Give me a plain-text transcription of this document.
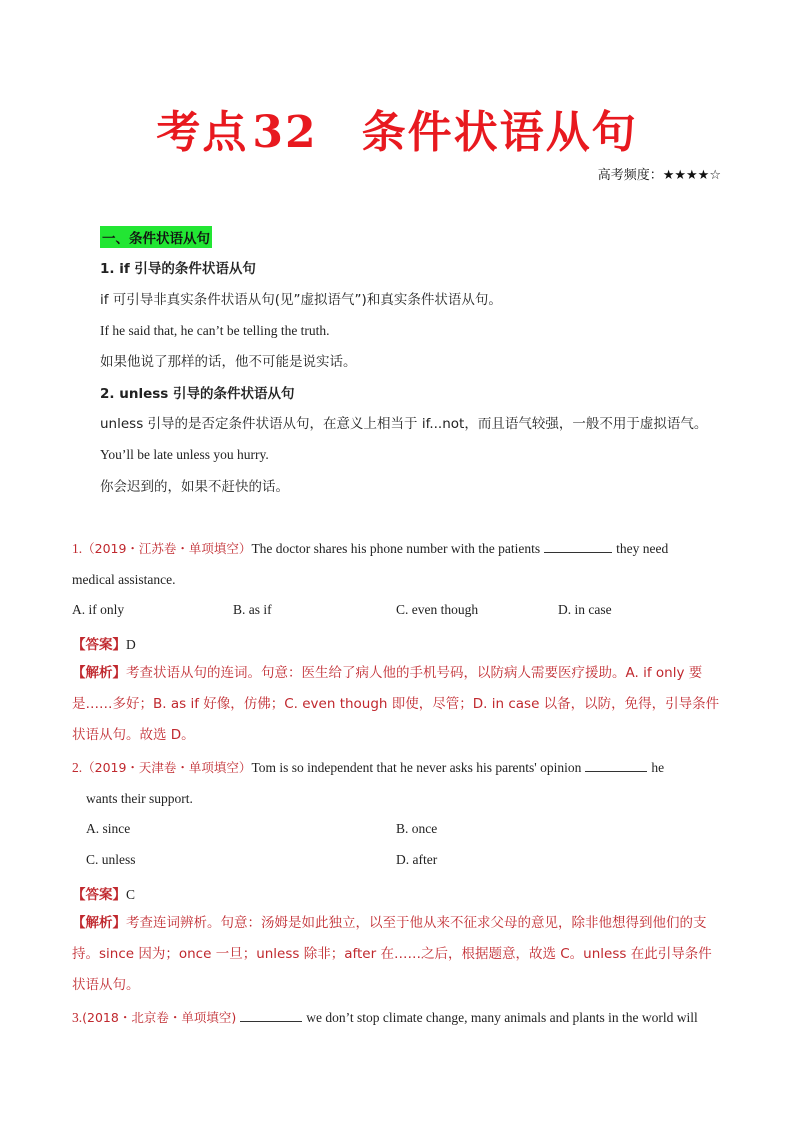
考点32 条件状语从句
高考频度：★★★★☆
一、条件状语从句
1. if 引导的条件状语从句
if 可引导非真实条件状语从句(见”虚拟语气”)和真实条件状语从句。
If he said that, he can’t be telling the truth.
如果他说了那样的话，他不可能是说实话。
2. unless 引导的条件状语从句
unless 引导的是否定条件状语从句，在意义上相当于 if...not，而且语气较强，一般不用于虚拟语气。
You’ll be late unless you hurry.
你会迟到的，如果不赶快的话。
1.（2019・江苏卷・单项填空）The doctor shares his phone number with the patients	they need
medical assistance.
A. if only	B. as if	C. even though	D. in case
【答案】D
【解析】考查状语从句的连词。句意：医生给了病人他的手机号码，以防病人需要医疗援助。A. if only 要是……多好；B. as if 好像，仿佛；C. even though 即使，尽管；D. in case 以备，以防，免得，引导条件状语从句。故选 D。
2.（2019・天津卷・单项填空）Tom is so independent that he never asks his parents' opinion	he
wants their support.
A. since	B. once
C. unless	D. after
【答案】C
【解析】考查连词辨析。句意：汤姆是如此独立，以至于他从来不征求父母的意见，除非他想得到他们的支持。since 因为；once 一旦；unless 除非；after 在……之后，根据题意，故选 C。unless 在此引导条件状语从句。
3.(2018・北京卷・单项填空)	we don’t stop climate change, many animals and plants in the world will
